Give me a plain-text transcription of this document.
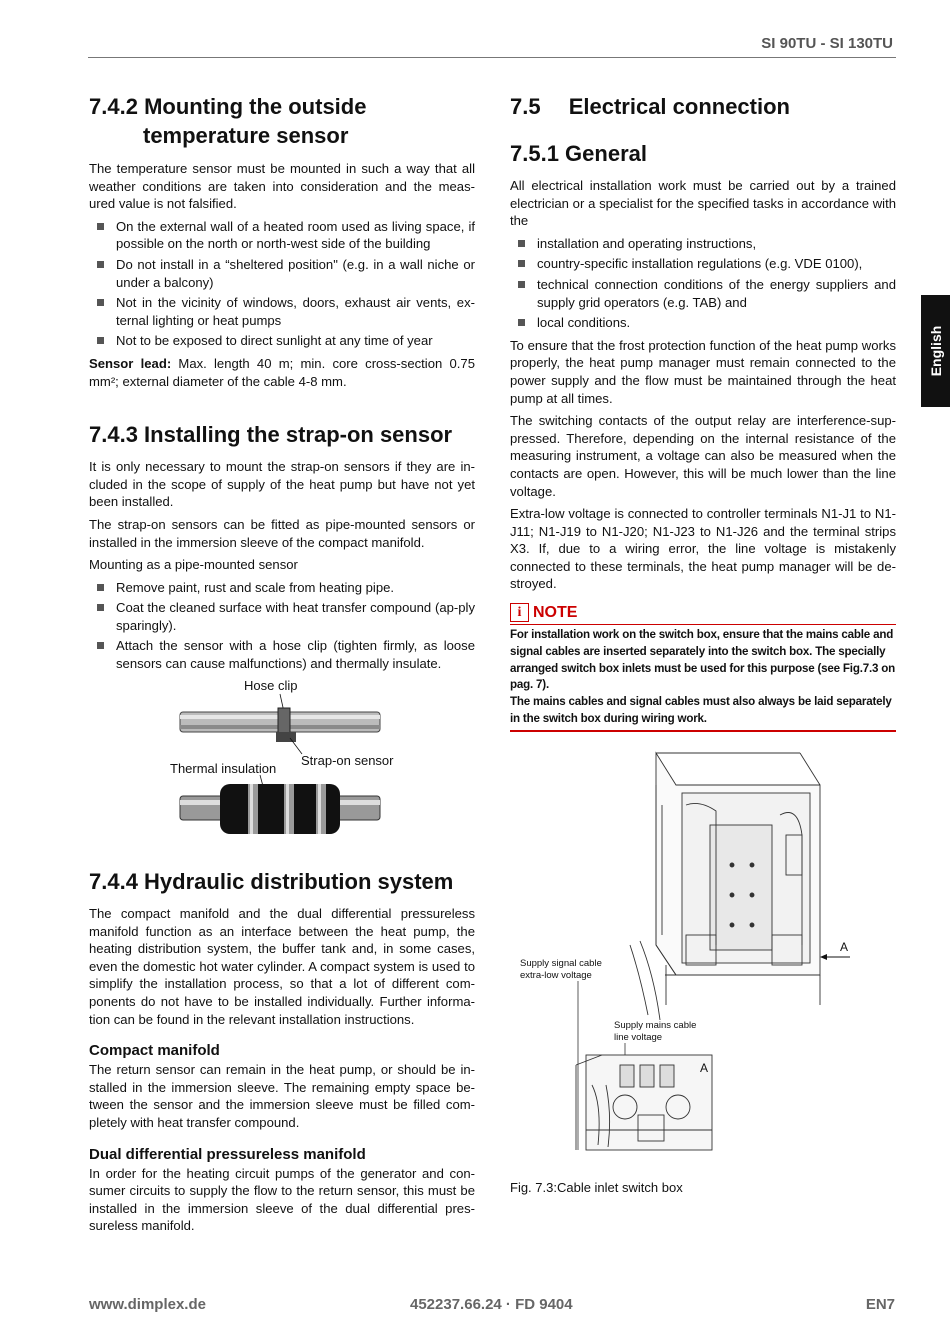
SI 90TU - SI 130TU
English
7.4.2 Mounting the outside
temperature sensor

The temperature sensor must be mounted in such a way that all weather conditions are taken into consideration and the meas-ured value is not falsified.

On the external wall of a heated room used as living space, if possible on the north or north-west side of the building
Do not install in a “sheltered position" (e.g. in a wall niche or under a balcony)
Not in the vicinity of windows, doors, exhaust air vents, ex-ternal lighting or heat pumps
Not to be exposed to direct sunlight at any time of year

Sensor lead: Max. length 40 m; min. core cross-section 0.75 mm²; external diameter of the cable 4-8 mm.

7.4.3 Installing the strap-on sensor

It is only necessary to mount the strap-on sensors if they are in-cluded in the scope of supply of the heat pump but have not yet been installed.

The strap-on sensors can be fitted as pipe-mounted sensors or installed in the immersion sleeve of the compact manifold.

Mounting as a pipe-mounted sensor

Remove paint, rust and scale from heating pipe.
Coat the cleaned surface with heat transfer compound (ap-ply sparingly).
Attach the sensor with a hose clip (tighten firmly, as loose sensors can cause malfunctions) and thermally insulate.
Hose clip
Strap-on sensor
Thermal insulation
7.4.4 Hydraulic distribution system

The compact manifold and the dual differential pressureless manifold function as an interface between the heat pump, the heating distribution system, the buffer tank and, in some cases, even the domestic hot water cylinder. A compact system is used to simplify the installation process, so that a lot of different com-ponents do not have to be installed individually. Further informa-tion can be found in the relevant installation instructions.

Compact manifold

The return sensor can remain in the heat pump, or should be in-stalled in the immersion sleeve. The remaining empty space be-tween the sensor and the immersion sleeve must be filled com-pletely with heat transfer compound.

Dual differential pressureless manifold

In order for the heating circuit pumps of the generator and con-sumer circuits to supply the flow to the return sensor, this must be installed in the immersion sleeve of the dual differential pres-sureless manifold.

7.5  Electrical connection
7.5.1 General

All electrical installation work must be carried out by a trained electrician or a specialist for the specified tasks in accordance with the

installation and operating instructions,
country-specific installation regulations (e.g. VDE 0100),
technical connection conditions of the energy suppliers and supply grid operators (e.g. TAB) and
local conditions.

To ensure that the frost protection function of the heat pump works properly, the heat pump manager must remain connected to the power supply and the flow must be maintained through the heat pump at all times.

The switching contacts of the output relay are interference-sup-pressed. Therefore, depending on the internal resistance of the measuring instrument, a voltage can also be measured when the contacts are open. However, this will be much lower than the line voltage.

Extra-low voltage is connected to controller terminals N1-J1 to N1-J11; N1-J19 to N1-J20; N1-J23 to N1-J26 and the terminal strips X3. If, due to a wiring error, the line voltage is mistakenly connected to these terminals, the heat pump manager will be de-stroyed.

i NOTE
For installation work on the switch box, ensure that the mains cable and signal cables are inserted separately into the switch box. The specially arranged switch box inlets must be used for this purpose (see Fig.7.3 on pag. 7).
The mains cables and signal cables must also always be laid separately in the switch box during wiring work.
A
Supply signal cable
extra-low voltage
Supply mains cable
line voltage
A
Fig. 7.3:Cable inlet switch box
www.dimplex.de	452237.66.24 · FD 9404	EN7
